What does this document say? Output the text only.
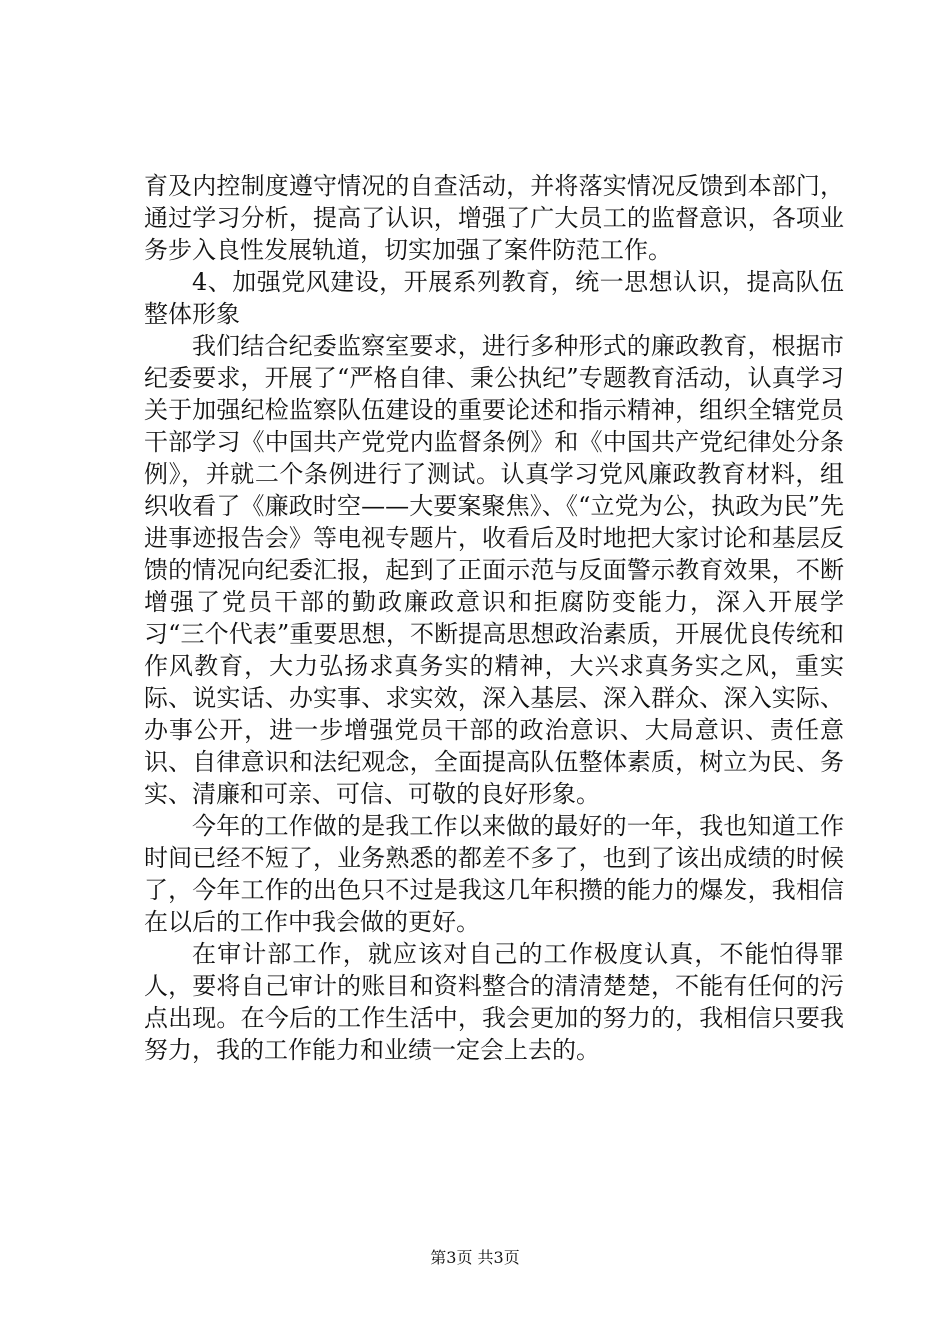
育及内控制度遵守情况的自查活动，并将落实情况反馈到本部门，通过学习分析，提高了认识，增强了广大员工的监督意识，各项业务步入良性发展轨道，切实加强了案件防范工作。

4、加强党风建设，开展系列教育，统一思想认识，提高队伍整体形象

我们结合纪委监察室要求，进行多种形式的廉政教育，根据市纪委要求，开展了“严格自律、秉公执纪”专题教育活动，认真学习关于加强纪检监察队伍建设的重要论述和指示精神，组织全辖党员干部学习《中国共产党党内监督条例》和《中国共产党纪律处分条例》，并就二个条例进行了测试。认真学习党风廉政教育材料，组织收看了《廉政时空——大要案聚焦》、《“立党为公，执政为民”先进事迹报告会》等电视专题片，收看后及时地把大家讨论和基层反馈的情况向纪委汇报，起到了正面示范与反面警示教育效果，不断增强了党员干部的勤政廉政意识和拒腐防变能力，深入开展学习“三个代表”重要思想，不断提高思想政治素质，开展优良传统和作风教育，大力弘扬求真务实的精神，大兴求真务实之风，重实际、说实话、办实事、求实效，深入基层、深入群众、深入实际、办事公开，进一步增强党员干部的政治意识、大局意识、责任意识、自律意识和法纪观念，全面提高队伍整体素质，树立为民、务实、清廉和可亲、可信、可敬的良好形象。

今年的工作做的是我工作以来做的最好的一年，我也知道工作时间已经不短了，业务熟悉的都差不多了，也到了该出成绩的时候了，今年工作的出色只不过是我这几年积攒的能力的爆发，我相信在以后的工作中我会做的更好。

在审计部工作，就应该对自己的工作极度认真，不能怕得罪人，要将自己审计的账目和资料整合的清清楚楚，不能有任何的污点出现。在今后的工作生活中，我会更加的努力的，我相信只要我努力，我的工作能力和业绩一定会上去的。

第3页 共3页
